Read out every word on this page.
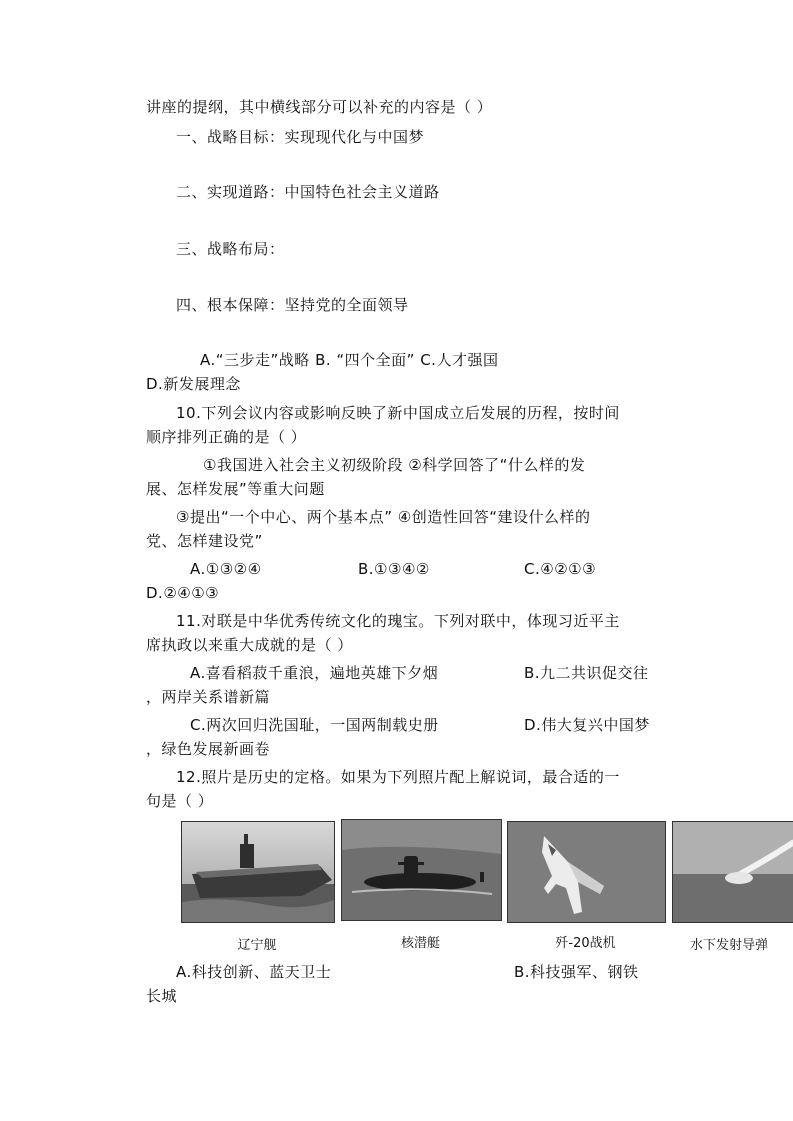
讲座的提纲，其中横线部分可以补充的内容是（ ）
一、战略目标：实现现代化与中国梦
二、实现道路：中国特色社会主义道路
三、战略布局：
四、根本保障：坚持党的全面领导
A.“三步走”战略 B. “四个全面” C.人才强国
D.新发展理念
10.下列会议内容或影响反映了新中国成立后发展的历程，按时间
顺序排列正确的是（ ）
①我国进入社会主义初级阶段 ②科学回答了“什么样的发
展、怎样发展”等重大问题
③提出“一个中心、两个基本点” ④创造性回答“建设什么样的
党、怎样建设党”
A.①③②④	B.①③④②	C.④②①③
D.②④①③
11.对联是中华优秀传统文化的瑰宝。下列对联中，体现习近平主
席执政以来重大成就的是（ ）
A.喜看稻菽千重浪，遍地英雄下夕烟	B.九二共识促交往
，两岸关系谱新篇
C.两次回归洗国耻，一国两制载史册	D.伟大复兴中国梦
，绿色发展新画卷
12.照片是历史的定格。如果为下列照片配上解说词，最合适的一
句是（ ）
辽宁舰	核潜艇	歼-20战机	水下发射导弹
A.科技创新、蓝天卫士	B.科技强军、钢铁
长城
